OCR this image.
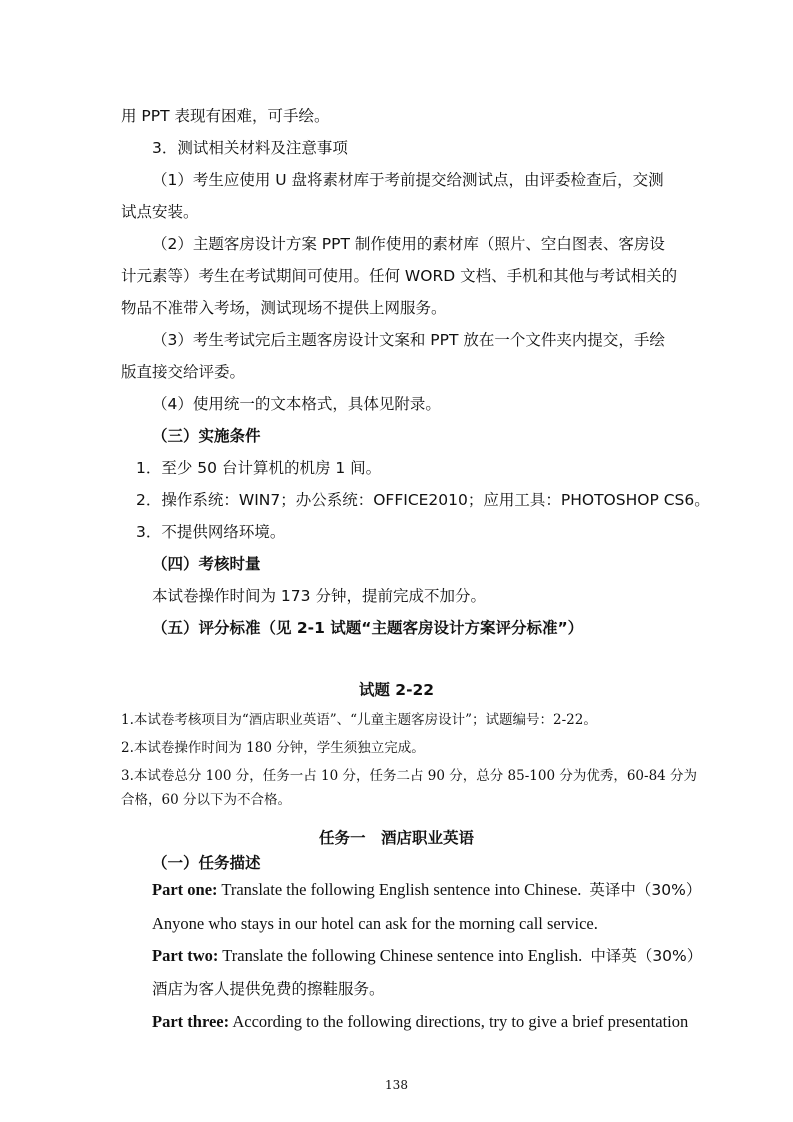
用 PPT 表现有困难，可手绘。
3．测试相关材料及注意事项
（1）考生应使用 U 盘将素材库于考前提交给测试点，由评委检查后，交测
试点安装。
（2）主题客房设计方案 PPT 制作使用的素材库（照片、空白图表、客房设
计元素等）考生在考试期间可使用。任何 WORD 文档、手机和其他与考试相关的
物品不准带入考场，测试现场不提供上网服务。
（3）考生考试完后主题客房设计文案和 PPT 放在一个文件夹内提交，手绘
版直接交给评委。
（4）使用统一的文本格式，具体见附录。
（三）实施条件
1．至少 50 台计算机的机房 1 间。
2．操作系统：WIN7；办公系统：OFFICE2010；应用工具：PHOTOSHOP CS6。
3．不提供网络环境。
（四）考核时量
本试卷操作时间为 173 分钟，提前完成不加分。
（五）评分标准（见 2-1 试题“主题客房设计方案评分标准”）
试题 2-22
1.本试卷考核项目为“酒店职业英语”、“儿童主题客房设计”；试题编号：2-22。
2.本试卷操作时间为 180 分钟，学生须独立完成。
3.本试卷总分 100 分，任务一占 10 分，任务二占 90 分，总分 85-100 分为优秀，60-84 分为
合格，60 分以下为不合格。
任务一　酒店职业英语
（一）任务描述
Part one: Translate the following English sentence into Chinese. 英译中（30%）
Anyone who stays in our hotel can ask for the morning call service.
Part two: Translate the following Chinese sentence into English. 中译英（30%）
酒店为客人提供免费的擦鞋服务。
Part three: According to the following directions, try to give a brief presentation
138
